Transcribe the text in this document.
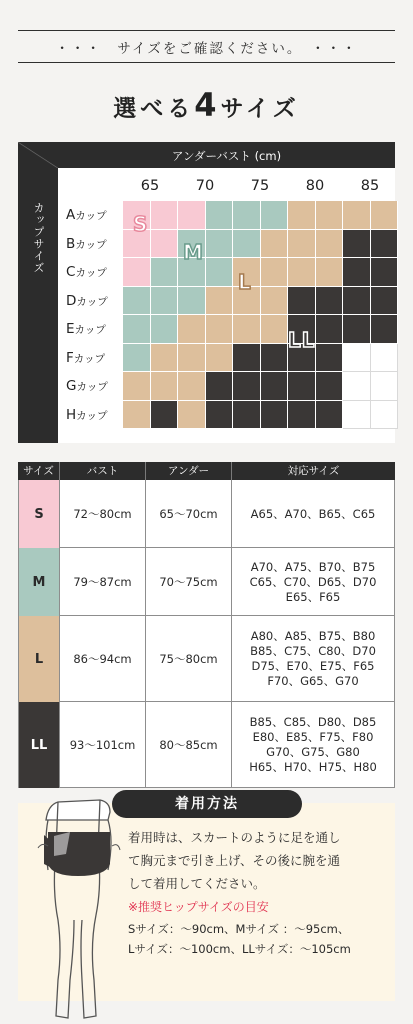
・・・　サイズをご確認ください。　・・・
選べる4サイズ
アンダーバスト (cm)
カップサイズ
65	70	75	80	85
Aカップ
Bカップ
Cカップ
Dカップ
Eカップ
Fカップ
Gカップ
Hカップ
S
M
L
LL
サイズ	バスト	アンダー	対応サイズ
S	72〜80cm	65〜70cm	A65、A70、B65、C65
M	79〜87cm	70〜75cm
A70、A75、B70、B75
C65、C70、D65、D70
E65、F65
L	86〜94cm	75〜80cm
A80、A85、B75、B80
B85、C75、C80、D70
D75、E70、E75、F65
F70、G65、G70
LL	93〜101cm	80〜85cm
B85、C85、D80、D85
E80、E85、F75、F80
G70、G75、G80
H65、H70、H75、H80
着用方法
着用時は、スカートのように足を通し
て胸元まで引き上げ、その後に腕を通
して着用してください。
※推奨ヒップサイズの目安
Sサイズ：〜90cm、Mサイズ ：〜95cm、
Lサイズ：〜100cm、LLサイズ：〜105cm
